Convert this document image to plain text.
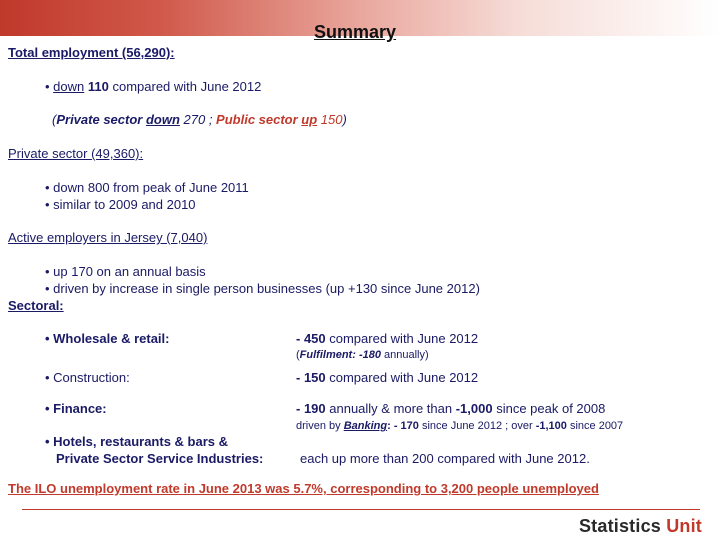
Summary
Total employment (56,290):
• down 110 compared with June 2012
(Private sector down 270 ; Public sector up 150)
Private sector (49,360):
• down 800 from peak of June 2011
• similar to 2009 and 2010
Active employers in Jersey (7,040)
• up 170 on an annual basis
• driven by increase in single person businesses (up +130 since June 2012)
Sectoral:
• Wholesale & retail:	- 450 compared with June 2012
(Fulfilment: -180 annually)
• Construction:	- 150 compared with June 2012
• Finance:	- 190 annually & more than -1,000 since peak of 2008
driven by Banking: - 170 since June 2012 ; over -1,100 since 2007
• Hotels, restaurants & bars &
Private Sector Service Industries:	each up more than 200 compared with June 2012.
The ILO unemployment rate in June 2013 was 5.7%, corresponding to 3,200 people unemployed
Statistics Unit
